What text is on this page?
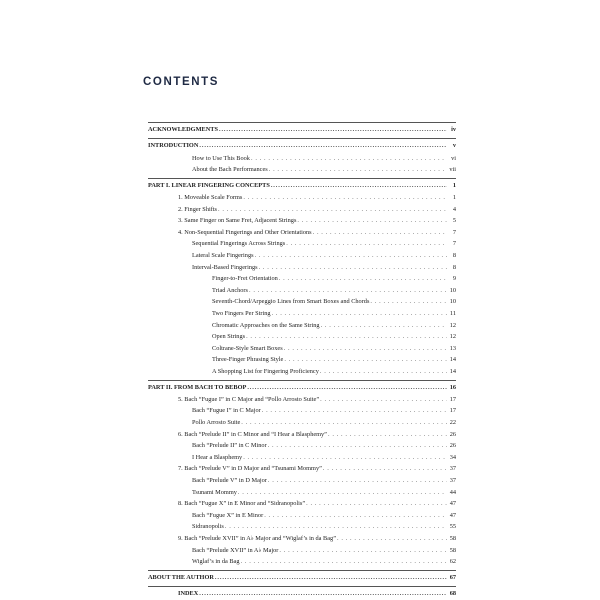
CONTENTS
ACKNOWLEDGMENTS .....	iv
INTRODUCTION .....	v
How to Use This Book . . .	vi
About the Bach Performances . . .	vii
PART I. LINEAR FINGERING CONCEPTS .....	1
1. Moveable Scale Forms . . .	1
2. Finger Shifts . . .	4
3. Same Finger on Same Fret, Adjacent Strings . . .	5
4. Non-Sequential Fingerings and Other Orientations . . .	7
Sequential Fingerings Across Strings . . .	7
Lateral Scale Fingerings . . .	8
Interval-Based Fingerings . . .	8
Finger-to-Fret Orientation . . .	9
Triad Anchors . . .	10
Seventh-Chord/Arpeggio Lines from Smart Boxes and Chords . . .	10
Two Fingers Per String . . .	11
Chromatic Approaches on the Same String . . .	12
Open Strings . . .	12
Coltrane-Style Smart Boxes . . .	13
Three-Finger Phrasing Style . . .	14
A Shopping List for Fingering Proficiency . . .	14
PART II. FROM BACH TO BEBOP .....	16
5. Bach “Fugue I” in C Major and “Pollo Arrosto Suite” . . .	17
Bach “Fugue I” in C Major . . .	17
Pollo Arrosto Suite . . .	22
6. Bach “Prelude II” in C Minor and “I Hear a Blasphemy” . . .	26
Bach “Prelude II” in C Minor . . .	26
I Hear a Blasphemy . . .	34
7. Bach “Prelude V” in D Major and “Tsunami Mommy” . . .	37
Bach “Prelude V” in D Major . . .	37
Tsunami Mommy . . .	44
8. Bach “Fugue X” in E Minor and “Sidranopolis” . . .	47
Bach “Fugue X” in E Minor . . .	47
Sidranopolis . . .	55
9. Bach “Prelude XVII” in A♭ Major and “Wiglaf’s in da Bag” . . .	58
Bach “Prelude XVII” in A♭ Major . . .	58
Wiglaf’s in da Bag . . .	62
ABOUT THE AUTHOR .....	67
INDEX .....	68
